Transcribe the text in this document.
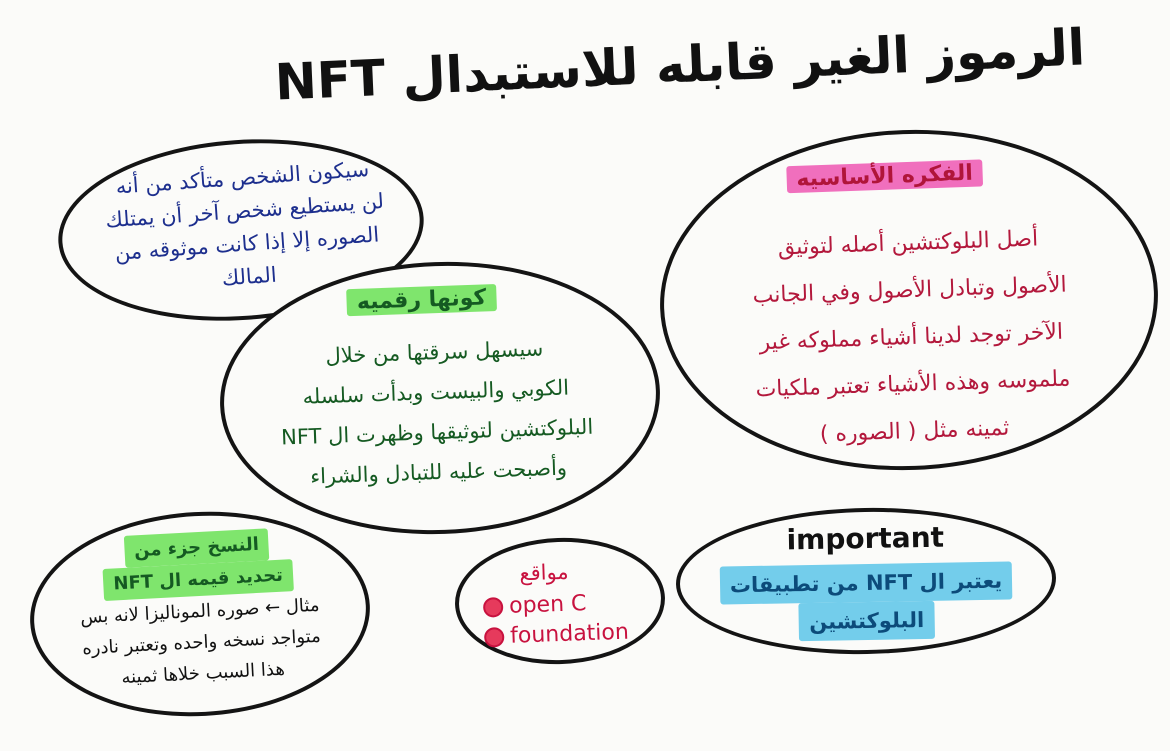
الرموز الغير قابله للاستبدال NFT
سيكون الشخص متأكد من أنه
لن يستطيع شخص آخر أن يمتلك
الصوره إلا إذا كانت موثوقه من
المالك
الفكره الأساسيه
أصل البلوكتشين أصله لتوثيق
الأصول وتبادل الأصول وفي الجانب
الآخر توجد لدينا أشياء مملوكه غير
ملموسه وهذه الأشياء تعتبر ملكيات
ثمينه مثل ( الصوره )
كونها رقميه
سيسهل سرقتها من خلال
الكوبي والبيست وبدأت سلسله
البلوكتشين لتوثيقها وظهرت ال NFT
وأصبحت عليه للتبادل والشراء
النسخ جزء من
تحديد قيمه ال NFT
مثال ← صوره الموناليزا لانه بس
متواجد نسخه واحده وتعتبر نادره
هذا السبب خلاها ثمينه
مواقع
open C
foundation
important
يعتبر ال NFT من تطبيقات
البلوكتشين
